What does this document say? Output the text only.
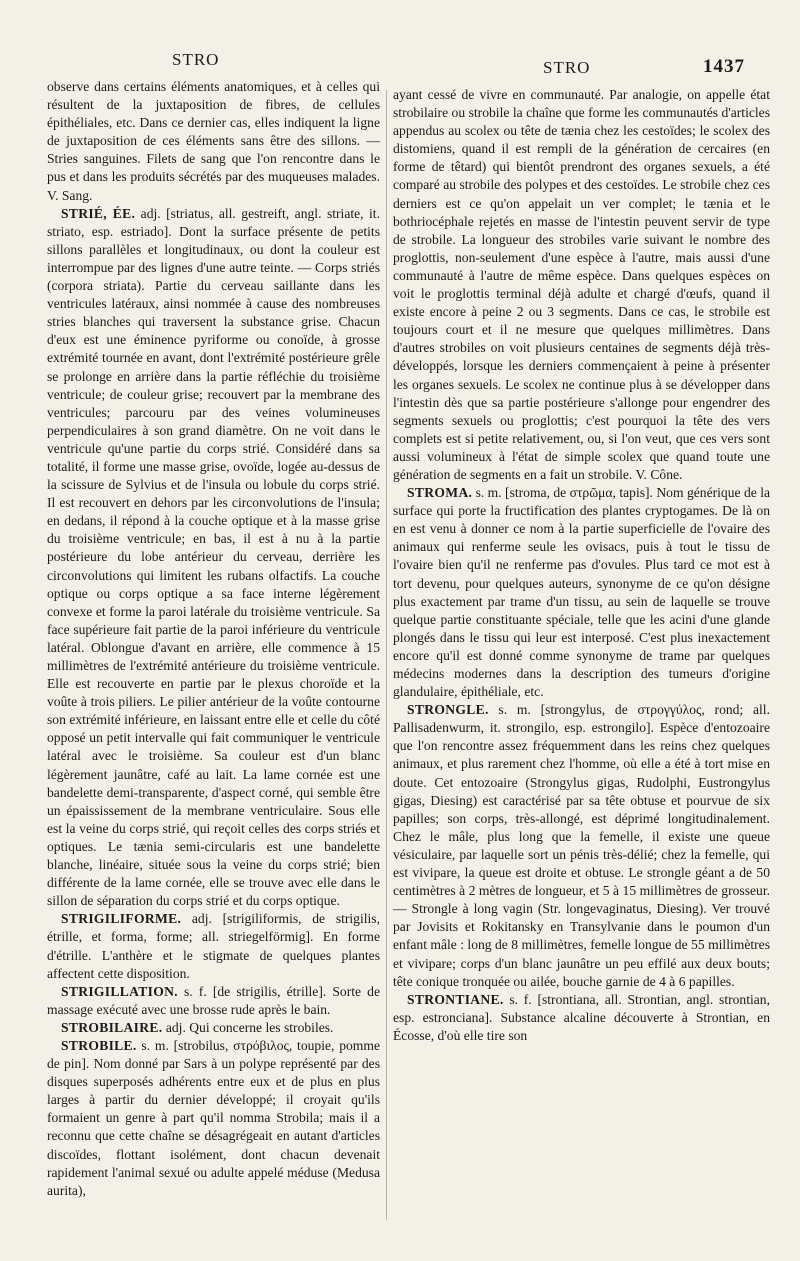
STRO	STRO	1437

observe dans certains éléments anatomiques, et à celles qui résultent de la juxtaposition de fibres, de cellules épithéliales, etc. Dans ce dernier cas, elles indiquent la ligne de juxtaposition de ces éléments sans être des sillons. — Stries sanguines. Filets de sang que l'on rencontre dans le pus et dans les produits sécrétés par des muqueuses malades. V. Sang.

STRIÉ, ÉE. adj. [striatus, all. gestreift, angl. striate, it. striato, esp. estriado]. Dont la surface présente de petits sillons parallèles et longitudinaux, ou dont la couleur est interrompue par des lignes d'une autre teinte. — Corps striés (corpora striata). Partie du cerveau saillante dans les ventricules latéraux, ainsi nommée à cause des nombreuses stries blanches qui traversent la substance grise. Chacun d'eux est une éminence pyriforme ou conoïde, à grosse extrémité tournée en avant, dont l'extrémité postérieure grêle se prolonge en arrière dans la partie réfléchie du troisième ventricule; de couleur grise; recouvert par la membrane des ventricules; parcouru par des veines volumineuses perpendiculaires à son grand diamètre. On ne voit dans le ventricule qu'une partie du corps strié. Considéré dans sa totalité, il forme une masse grise, ovoïde, logée au-dessus de la scissure de Sylvius et de l'insula ou lobule du corps strié. Il est recouvert en dehors par les circonvolutions de l'insula; en dedans, il répond à la couche optique et à la masse grise du troisième ventricule; en bas, il est à nu à la partie postérieure du lobe antérieur du cerveau, derrière les circonvolutions qui limitent les rubans olfactifs. La couche optique ou corps optique a sa face interne légèrement convexe et forme la paroi latérale du troisième ventricule. Sa face supérieure fait partie de la paroi inférieure du ventricule latéral. Oblongue d'avant en arrière, elle commence à 15 millimètres de l'extrémité antérieure du troisième ventricule. Elle est recouverte en partie par le plexus choroïde et la voûte à trois piliers. Le pilier antérieur de la voûte contourne son extrémité inférieure, en laissant entre elle et celle du côté opposé un petit intervalle qui fait communiquer le ventricule latéral avec le troisième. Sa couleur est d'un blanc légèrement jaunâtre, café au lait. La lame cornée est une bandelette demi-transparente, d'aspect corné, qui semble être un épaississement de la membrane ventriculaire. Sous elle est la veine du corps strié, qui reçoit celles des corps striés et optiques. Le tænia semi-circularis est une bandelette blanche, linéaire, située sous la veine du corps strié; bien différente de la lame cornée, elle se trouve avec elle dans le sillon de séparation du corps strié et du corps optique.

STRIGILIFORME. adj. [strigiliformis, de strigilis, étrille, et forma, forme; all. striegelförmig]. En forme d'étrille. L'anthère et le stigmate de quelques plantes affectent cette disposition.

STRIGILLATION. s. f. [de strigilis, étrille]. Sorte de massage exécuté avec une brosse rude après le bain.

STROBILAIRE. adj. Qui concerne les strobiles.

STROBILE. s. m. [strobilus, στρόβιλος, toupie, pomme de pin]. Nom donné par Sars à un polype représenté par des disques superposés adhérents entre eux et de plus en plus larges à partir du dernier développé; il croyait qu'ils formaient un genre à part qu'il nomma Strobila; mais il a reconnu que cette chaîne se désagrégeait en autant d'articles discoïdes, flottant isolément, dont chacun devenait rapidement l'animal sexué ou adulte appelé méduse (Medusa aurita),

ayant cessé de vivre en communauté. Par analogie, on appelle état strobilaire ou strobile la chaîne que forme les communautés d'articles appendus au scolex ou tête de tænia chez les cestoïdes; le scolex des distomiens, quand il est rempli de la génération de cercaires (en forme de têtard) qui bientôt prendront des organes sexuels, a été comparé au strobile des polypes et des cestoïdes. Le strobile chez ces derniers est ce qu'on appelait un ver complet; le tænia et le bothriocéphale rejetés en masse de l'intestin peuvent servir de type de strobile. La longueur des strobiles varie suivant le nombre des proglottis, non-seulement d'une espèce à l'autre, mais aussi d'une communauté à l'autre de même espèce. Dans quelques espèces on voit le proglottis terminal déjà adulte et chargé d'œufs, quand il existe encore à peine 2 ou 3 segments. Dans ce cas, le strobile est toujours court et il ne mesure que quelques millimètres. Dans d'autres strobiles on voit plusieurs centaines de segments déjà très-développés, lorsque les derniers commençaient à peine à présenter les organes sexuels. Le scolex ne continue plus à se développer dans l'intestin dès que sa partie postérieure s'allonge pour engendrer des segments sexuels ou proglottis; c'est pourquoi la tête des vers complets est si petite relativement, ou, si l'on veut, que ces vers sont aussi volumineux à l'état de simple scolex que quand toute une génération de segments en a fait un strobile. V. Cône.

STROMA. s. m. [stroma, de στρῶμα, tapis]. Nom générique de la surface qui porte la fructification des plantes cryptogames. De là on en est venu à donner ce nom à la partie superficielle de l'ovaire des animaux qui renferme seule les ovisacs, puis à tout le tissu de l'ovaire bien qu'il ne renferme pas d'ovules. Plus tard ce mot est à tort devenu, pour quelques auteurs, synonyme de ce qu'on désigne plus exactement par trame d'un tissu, au sein de laquelle se trouve quelque partie constituante spéciale, telle que les acini d'une glande plongés dans le tissu qui leur est interposé. C'est plus inexactement encore qu'il est donné comme synonyme de trame par quelques médecins modernes dans la description des tumeurs d'origine glandulaire, épithéliale, etc.

STRONGLE. s. m. [strongylus, de στρογγύλος, rond; all. Pallisadenwurm, it. strongilo, esp. estrongilo]. Espèce d'entozoaire que l'on rencontre assez fréquemment dans les reins chez quelques animaux, et plus rarement chez l'homme, où elle a été à tort mise en doute. Cet entozoaire (Strongylus gigas, Rudolphi, Eustrongylus gigas, Diesing) est caractérisé par sa tête obtuse et pourvue de six papilles; son corps, très-allongé, est déprimé longitudinalement. Chez le mâle, plus long que la femelle, il existe une queue vésiculaire, par laquelle sort un pénis très-délié; chez la femelle, qui est vivipare, la queue est droite et obtuse. Le strongle géant a de 50 centimètres à 2 mètres de longueur, et 5 à 15 millimètres de grosseur. — Strongle à long vagin (Str. longevaginatus, Diesing). Ver trouvé par Jovisits et Rokitansky en Transylvanie dans le poumon d'un enfant mâle : long de 8 millimètres, femelle longue de 55 millimètres et vivipare; corps d'un blanc jaunâtre un peu effilé aux deux bouts; tête conique tronquée ou ailée, bouche garnie de 4 à 6 papilles.

STRONTIANE. s. f. [strontiana, all. Strontian, angl. strontian, esp. estronciana]. Substance alcaline découverte à Strontian, en Écosse, d'où elle tire son
